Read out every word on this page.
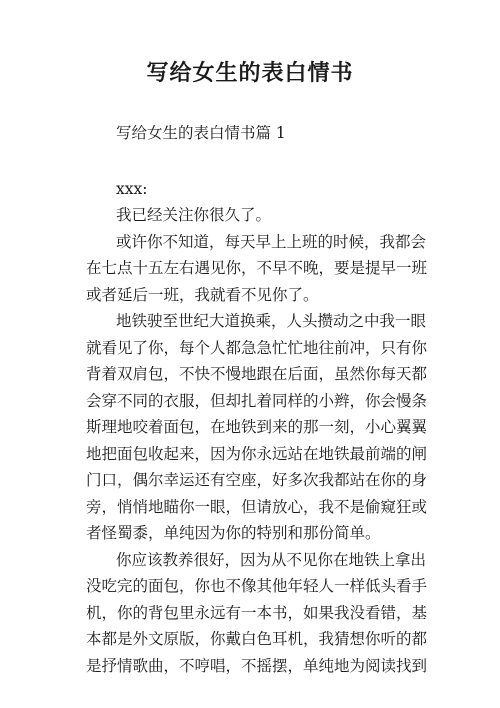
写给女生的表白情书
写给女生的表白情书篇 1
xxx:
我已经关注你很久了。
或许你不知道，每天早上上班的时候，我都会
在七点十五左右遇见你，不早不晚，要是提早一班
或者延后一班，我就看不见你了。
地铁驶至世纪大道换乘，人头攒动之中我一眼
就看见了你，每个人都急急忙忙地往前冲，只有你
背着双肩包，不快不慢地跟在后面，虽然你每天都
会穿不同的衣服，但却扎着同样的小辫，你会慢条
斯理地咬着面包，在地铁到来的那一刻，小心翼翼
地把面包收起来，因为你永远站在地铁最前端的闸
门口，偶尔幸运还有空座，好多次我都站在你的身
旁，悄悄地瞄你一眼，但请放心，我不是偷窥狂或
者怪蜀黍，单纯因为你的特别和那份简单。
你应该教养很好，因为从不见你在地铁上拿出
没吃完的面包，你也不像其他年轻人一样低头看手
机，你的背包里永远有一本书，如果我没看错，基
本都是外文原版，你戴白色耳机，我猜想你听的都
是抒情歌曲，不哼唱，不摇摆，单纯地为阅读找到
